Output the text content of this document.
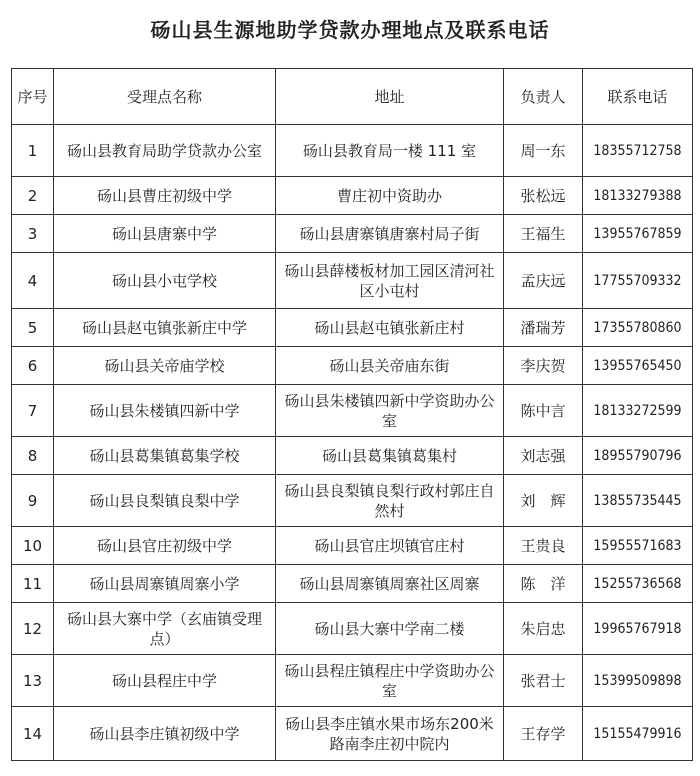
砀山县生源地助学贷款办理地点及联系电话
序号	受理点名称	地址	负责人	联系电话
1	砀山县教育局助学贷款办公室	砀山县教育局一楼 111 室	周一东	18355712758
2	砀山县曹庄初级中学	曹庄初中资助办	张松远	18133279388
3	砀山县唐寨中学	砀山县唐寨镇唐寨村局子街	王福生	13955767859
4	砀山县小屯学校	砀山县薛楼板材加工园区清河社区小屯村	孟庆远	17755709332
5	砀山县赵屯镇张新庄中学	砀山县赵屯镇张新庄村	潘瑞芳	17355780860
6	砀山县关帝庙学校	砀山县关帝庙东街	李庆贺	13955765450
7	砀山县朱楼镇四新中学	砀山县朱楼镇四新中学资助办公室	陈中言	18133272599
8	砀山县葛集镇葛集学校	砀山县葛集镇葛集村	刘志强	18955790796
9	砀山县良梨镇良梨中学	砀山县良梨镇良梨行政村郭庄自然村	刘　辉	13855735445
10	砀山县官庄初级中学	砀山县官庄坝镇官庄村	王贵良	15955571683
11	砀山县周寨镇周寨小学	砀山县周寨镇周寨社区周寨	陈　洋	15255736568
12	砀山县大寨中学（玄庙镇受理点）	砀山县大寨中学南二楼	朱启忠	19965767918
13	砀山县程庄中学	砀山县程庄镇程庄中学资助办公室	张君士	15399509898
14	砀山县李庄镇初级中学	砀山县李庄镇水果市场东200米路南李庄初中院内	王存学	15155479916
